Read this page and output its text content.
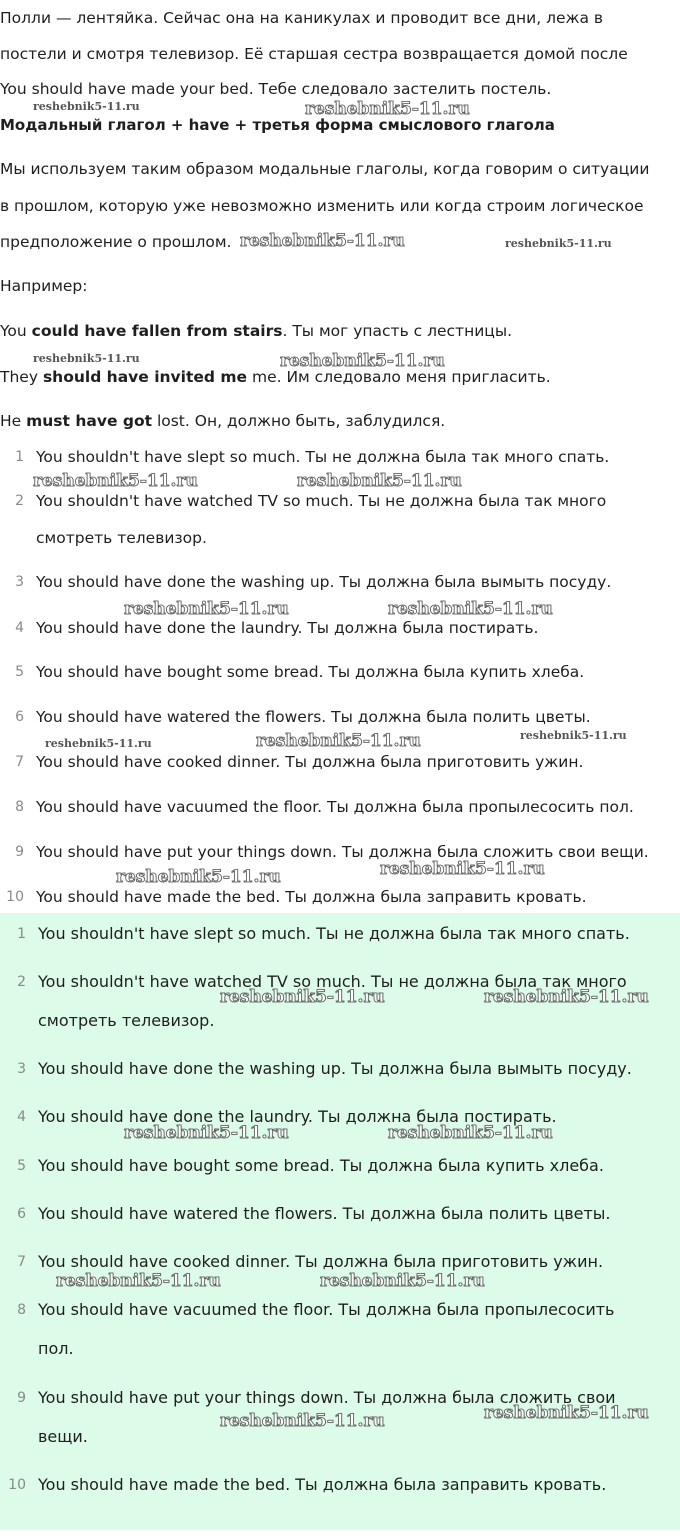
Полли — лентяйка. Сейчас она на каникулах и проводит все дни, лежа в
постели и смотря телевизор. Её старшая сестра возвращается домой после
You should have made your bed. Тебе следовало застелить постель.
Модальный глагол + have + третья форма смыслового глагола
Мы используем таким образом модальные глаголы, когда говорим о ситуации
в прошлом, которую уже невозможно изменить или когда строим логическое
предположение о прошлом.
Например:
You could have fallen from stairs. Ты мог упасть с лестницы.
They should have invited me me. Им следовало меня пригласить.
He must have got lost. Он, должно быть, заблудился.
1 You shouldn't have slept so much. Ты не должна была так много спать.
2 You shouldn't have watched TV so much. Ты не должна была так много
смотреть телевизор.
3 You should have done the washing up. Ты должна была вымыть посуду.
4 You should have done the laundry. Ты должна была постирать.
5 You should have bought some bread. Ты должна была купить хлеба.
6 You should have watered the flowers. Ты должна была полить цветы.
7 You should have cooked dinner. Ты должна была приготовить ужин.
8 You should have vacuumed the floor. Ты должна была пропылесосить пол.
9 You should have put your things down. Ты должна была сложить свои вещи.
10 You should have made the bed. Ты должна была заправить кровать.
1 You shouldn't have slept so much. Ты не должна была так много спать.
2 You shouldn't have watched TV so much. Ты не должна была так много
смотреть телевизор.
3 You should have done the washing up. Ты должна была вымыть посуду.
4 You should have done the laundry. Ты должна была постирать.
5 You should have bought some bread. Ты должна была купить хлеба.
6 You should have watered the flowers. Ты должна была полить цветы.
7 You should have cooked dinner. Ты должна была приготовить ужин.
8 You should have vacuumed the floor. Ты должна была пропылесосить
пол.
9 You should have put your things down. Ты должна была сложить свои
вещи.
10 You should have made the bed. Ты должна была заправить кровать.
reshebnik5-11.ru	reshebnik5-11.ru
reshebnik5-11.ru	reshebnik5-11.ru
reshebnik5-11.ru	reshebnik5-11.ru
reshebnik5-11.ru	reshebnik5-11.ru
reshebnik5-11.ru	reshebnik5-11.ru
reshebnik5-11.ru	reshebnik5-11.ru	reshebnik5-11.ru
reshebnik5-11.ru
reshebnik5-11.ru
reshebnik5-11.ru	reshebnik5-11.ru
reshebnik5-11.ru	reshebnik5-11.ru
reshebnik5-11.ru	reshebnik5-11.ru
reshebnik5-11.ru
reshebnik5-11.ru
